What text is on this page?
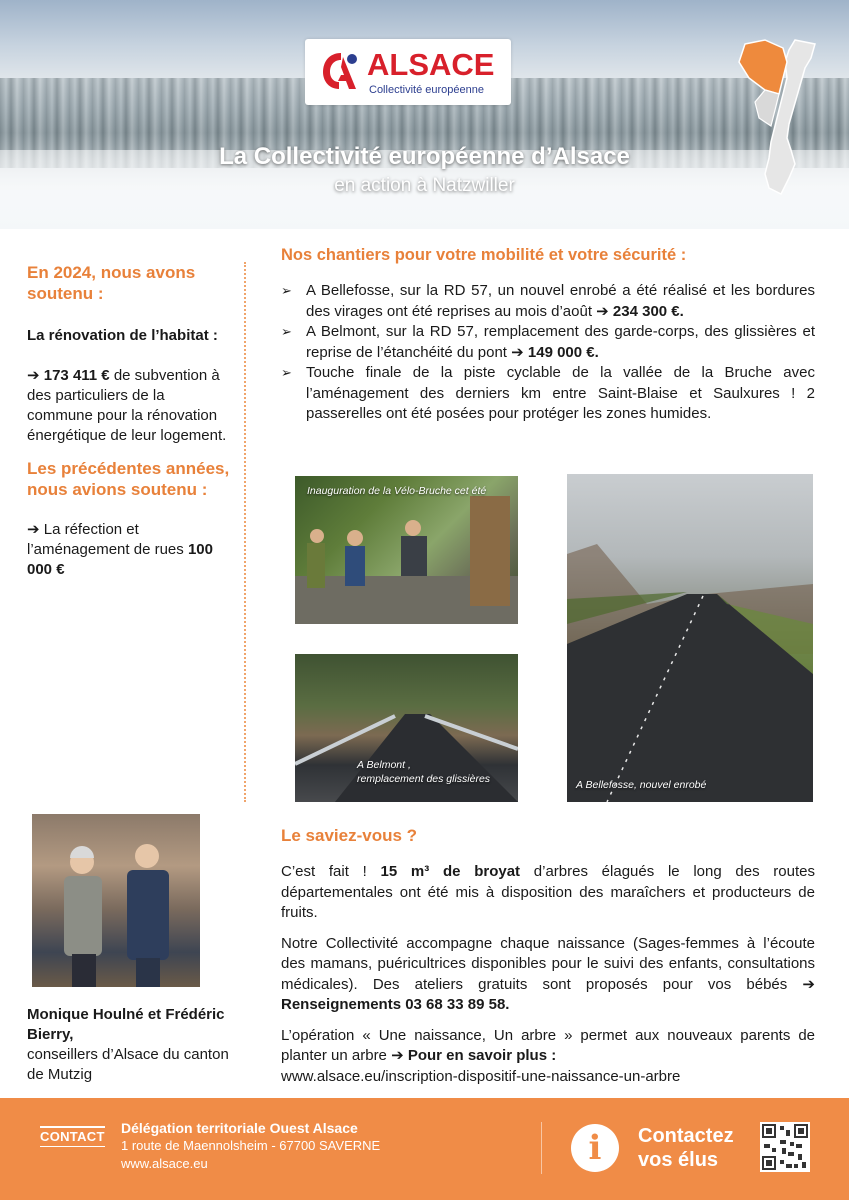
ALSACE
Collectivité européenne
La Collectivité européenne d’Alsace
en action à Natzwiller
En 2024, nous avons soutenu :

La rénovation de l’habitat :

➔ 173 411 € de subvention à des particuliers de la commune pour la rénovation énergétique de leur logement.

Les précédentes années, nous avions soutenu :

➔ La réfection et l’aménagement de rues 100 000 €

Nos chantiers pour votre mobilité et votre sécurité :
➢ A Bellefosse, sur la RD 57, un nouvel enrobé a été réalisé et les bordures des virages ont été reprises au mois d’août ➔ 234 300 €.
➢ A Belmont, sur la RD 57, remplacement des garde-corps, des glissières et reprise de l’étanchéité du pont ➔ 149 000 €.
➢ Touche finale de la piste cyclable de la vallée de la Bruche avec l’aménagement des derniers km entre Saint-Blaise et Saulxures ! 2 passerelles ont été posées pour protéger les zones humides.
Inauguration de la Vélo-Bruche cet été
A Belmont ,
remplacement des glissières	A Bellefosse, nouvel enrobé
Le saviez-vous ?

C’est fait ! 15 m³ de broyat d’arbres élagués le long des routes départementales ont été mis à disposition des maraîchers et producteurs de fruits.

Notre Collectivité accompagne chaque naissance (Sages-femmes à l’écoute des mamans, puéricultrices disponibles pour le suivi des enfants, consultations médicales). Des ateliers gratuits sont proposés pour vos bébés ➔ Renseignements 03 68 33 89 58.

L’opération « Une naissance, Un arbre » permet aux nouveaux parents de planter un arbre ➔ Pour en savoir plus :
www.alsace.eu/inscription-dispositif-une-naissance-un-arbre

Monique Houlné et Frédéric Bierry,
conseillers d’Alsace du canton de Mutzig
CONTACT
Délégation territoriale Ouest Alsace
1 route de Maennolsheim - 67700 SAVERNE
www.alsace.eu	i	Contactez
vos élus
